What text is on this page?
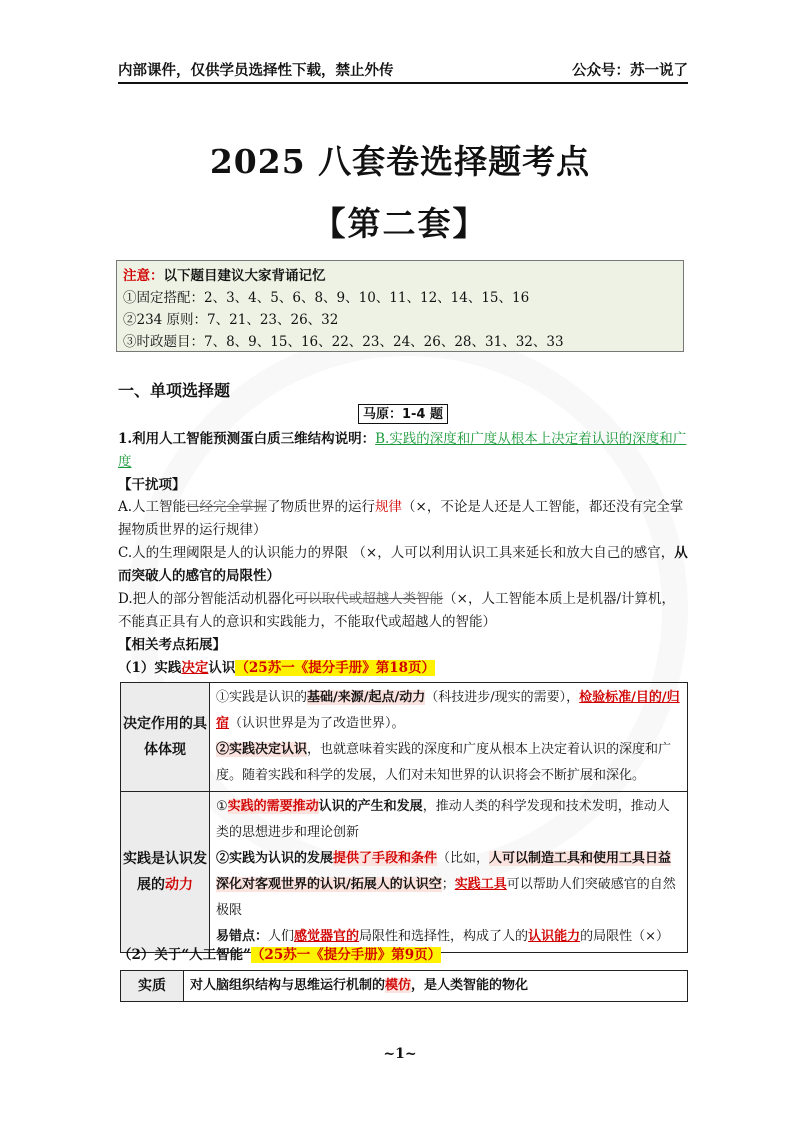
内部课件，仅供学员选择性下载，禁止外传	公众号：苏一说了
2025 八套卷选择题考点
【第二套】
注意：以下题目建议大家背诵记忆
①固定搭配：2、3、4、5、6、8、9、10、11、12、14、15、16
②234 原则：7、21、23、26、32
③时政题目：7、8、9、15、16、22、23、24、26、28、31、32、33
一、单项选择题
马原：1-4 题
1.利用人工智能预测蛋白质三维结构说明：B.实践的深度和广度从根本上决定着认识的深度和广度
【干扰项】
A.人工智能已经完全掌握了物质世界的运行规律（×，不论是人还是人工智能，都还没有完全掌握物质世界的运行规律）
C.人的生理阈限是人的认识能力的界限 （×，人可以利用认识工具来延长和放大自己的感官，从而突破人的感官的局限性）
D.把人的部分智能活动机器化可以取代或超越人类智能（×，人工智能本质上是机器/计算机，不能真正具有人的意识和实践能力，不能取代或超越人的智能）
【相关考点拓展】
（1）实践决定认识（25苏一《提分手册》第18页）
决定作用的具体体现	①实践是认识的基础/来源/起点/动力（科技进步/现实的需要），检验标准/目的/归宿（认识世界是为了改造世界）。
②实践决定认识，也就意味着实践的深度和广度从根本上决定着认识的深度和广度。随着实践和科学的发展，人们对未知世界的认识将会不断扩展和深化。

实践是认识发展的动力	①实践的需要推动认识的产生和发展，推动人类的科学发现和技术发明，推动人类的思想进步和理论创新
②实践为认识的发展提供了手段和条件（比如，人可以制造工具和使用工具日益深化对客观世界的认识/拓展人的认识空；实践工具可以帮助人们突破感官的自然极限
易错点：人们感觉器官的局限性和选择性，构成了人的认识能力的局限性（×）
（2）关于“人工智能”（25苏一《提分手册》第9页）
实质	对人脑组织结构与思维运行机制的模仿，是人类智能的物化
~1~
